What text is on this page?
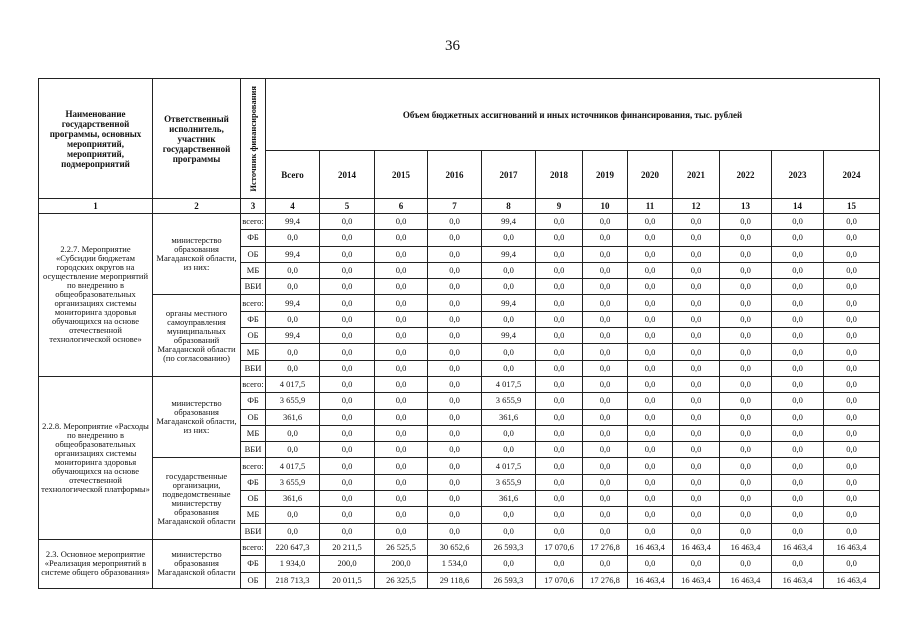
36
Наименование государственной программы, основных мероприятий, мероприятий, подмероприятий	Ответственный исполнитель, участник государственной программы	Источник финансирования	Объем бюджетных ассигнований и иных источников финансирования, тыс. рублей											
			Всего	2014	2015	2016	2017	2018	2019	2020	2021	2022	2023	2024
1	2	3	4	5	6	7	8	9	10	11	12	13	14	15
2.2.7. Мероприятие «Субсидии бюджетам городских округов на осуществление мероприятий по внедрению в общеобразовательных организациях системы мониторинга здоровья обучающихся на основе отечественной технологической основе»	министерство образования Магаданской области, из них:	всего:	99,4	0,0	0,0	0,0	99,4	0,0	0,0	0,0	0,0	0,0	0,0	0,0
		ФБ	0,0	0,0	0,0	0,0	0,0	0,0	0,0	0,0	0,0	0,0	0,0	0,0
		ОБ	99,4	0,0	0,0	0,0	99,4	0,0	0,0	0,0	0,0	0,0	0,0	0,0
		МБ	0,0	0,0	0,0	0,0	0,0	0,0	0,0	0,0	0,0	0,0	0,0	0,0
		ВБИ	0,0	0,0	0,0	0,0	0,0	0,0	0,0	0,0	0,0	0,0	0,0	0,0
	органы местного самоуправления муниципальных образований Магаданской области (по согласованию)	всего:	99,4	0,0	0,0	0,0	99,4	0,0	0,0	0,0	0,0	0,0	0,0	0,0
		ФБ	0,0	0,0	0,0	0,0	0,0	0,0	0,0	0,0	0,0	0,0	0,0	0,0
		ОБ	99,4	0,0	0,0	0,0	99,4	0,0	0,0	0,0	0,0	0,0	0,0	0,0
		МБ	0,0	0,0	0,0	0,0	0,0	0,0	0,0	0,0	0,0	0,0	0,0	0,0
		ВБИ	0,0	0,0	0,0	0,0	0,0	0,0	0,0	0,0	0,0	0,0	0,0	0,0
2.2.8. Мероприятие «Расходы по внедрению в общеобразовательных организациях системы мониторинга здоровья обучающихся на основе отечественной технологической платформы»	министерство образования Магаданской области, из них:	всего:	4 017,5	0,0	0,0	0,0	4 017,5	0,0	0,0	0,0	0,0	0,0	0,0	0,0
		ФБ	3 655,9	0,0	0,0	0,0	3 655,9	0,0	0,0	0,0	0,0	0,0	0,0	0,0
		ОБ	361,6	0,0	0,0	0,0	361,6	0,0	0,0	0,0	0,0	0,0	0,0	0,0
		МБ	0,0	0,0	0,0	0,0	0,0	0,0	0,0	0,0	0,0	0,0	0,0	0,0
		ВБИ	0,0	0,0	0,0	0,0	0,0	0,0	0,0	0,0	0,0	0,0	0,0	0,0
	государственные организации, подведомственные министерству образования Магаданской области	всего:	4 017,5	0,0	0,0	0,0	4 017,5	0,0	0,0	0,0	0,0	0,0	0,0	0,0
		ФБ	3 655,9	0,0	0,0	0,0	3 655,9	0,0	0,0	0,0	0,0	0,0	0,0	0,0
		ОБ	361,6	0,0	0,0	0,0	361,6	0,0	0,0	0,0	0,0	0,0	0,0	0,0
		МБ	0,0	0,0	0,0	0,0	0,0	0,0	0,0	0,0	0,0	0,0	0,0	0,0
		ВБИ	0,0	0,0	0,0	0,0	0,0	0,0	0,0	0,0	0,0	0,0	0,0	0,0
2.3. Основное мероприятие «Реализация мероприятий в системе общего образования»	министерство образования Магаданской области	всего:	220 647,3	20 211,5	26 525,5	30 652,6	26 593,3	17 070,6	17 276,8	16 463,4	16 463,4	16 463,4	16 463,4	16 463,4
		ФБ	1 934,0	200,0	200,0	1 534,0	0,0	0,0	0,0	0,0	0,0	0,0	0,0	0,0
		ОБ	218 713,3	20 011,5	26 325,5	29 118,6	26 593,3	17 070,6	17 276,8	16 463,4	16 463,4	16 463,4	16 463,4	16 463,4
